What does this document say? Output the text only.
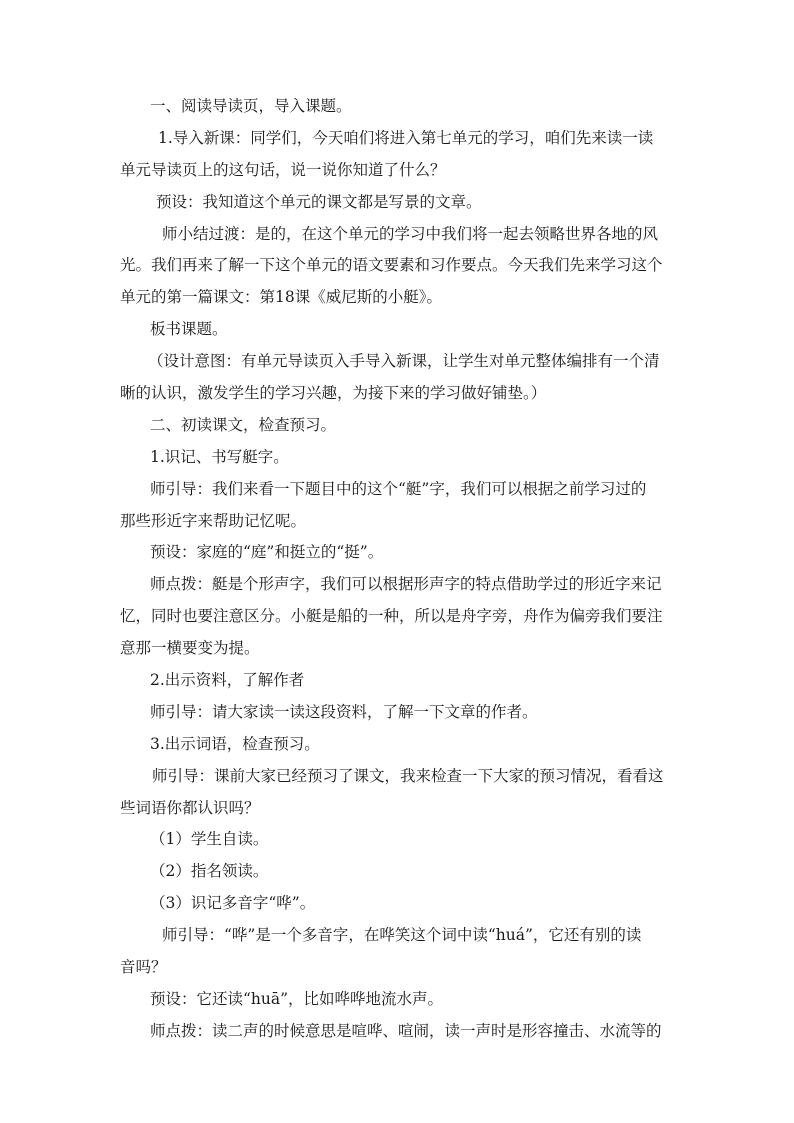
一、阅读导读页，导入课题。
1.导入新课：同学们，今天咱们将进入第七单元的学习，咱们先来读一读
单元导读页上的这句话，说一说你知道了什么？
预设：我知道这个单元的课文都是写景的文章。
师小结过渡：是的，在这个单元的学习中我们将一起去领略世界各地的风
光。我们再来了解一下这个单元的语文要素和习作要点。今天我们先来学习这个
单元的第一篇课文：第18课《威尼斯的小艇》。
板书课题。
（设计意图：有单元导读页入手导入新课，让学生对单元整体编排有一个清
晰的认识，激发学生的学习兴趣，为接下来的学习做好铺垫。）
二、初读课文，检查预习。
1.识记、书写艇字。
师引导：我们来看一下题目中的这个“艇”字，我们可以根据之前学习过的
那些形近字来帮助记忆呢。
预设：家庭的“庭”和挺立的“挺”。
师点拨：艇是个形声字，我们可以根据形声字的特点借助学过的形近字来记
忆，同时也要注意区分。小艇是船的一种，所以是舟字旁，舟作为偏旁我们要注
意那一横要变为提。
2.出示资料，了解作者
师引导：请大家读一读这段资料，了解一下文章的作者。
3.出示词语，检查预习。
师引导：课前大家已经预习了课文，我来检查一下大家的预习情况，看看这
些词语你都认识吗？
（1）学生自读。
（2）指名领读。
（3）识记多音字“哗”。
师引导：“哗”是一个多音字，在哗笑这个词中读“huá”，它还有别的读
音吗？
预设：它还读“huā”，比如哗哗地流水声。
师点拨：读二声的时候意思是喧哗、喧闹，读一声时是形容撞击、水流等的
